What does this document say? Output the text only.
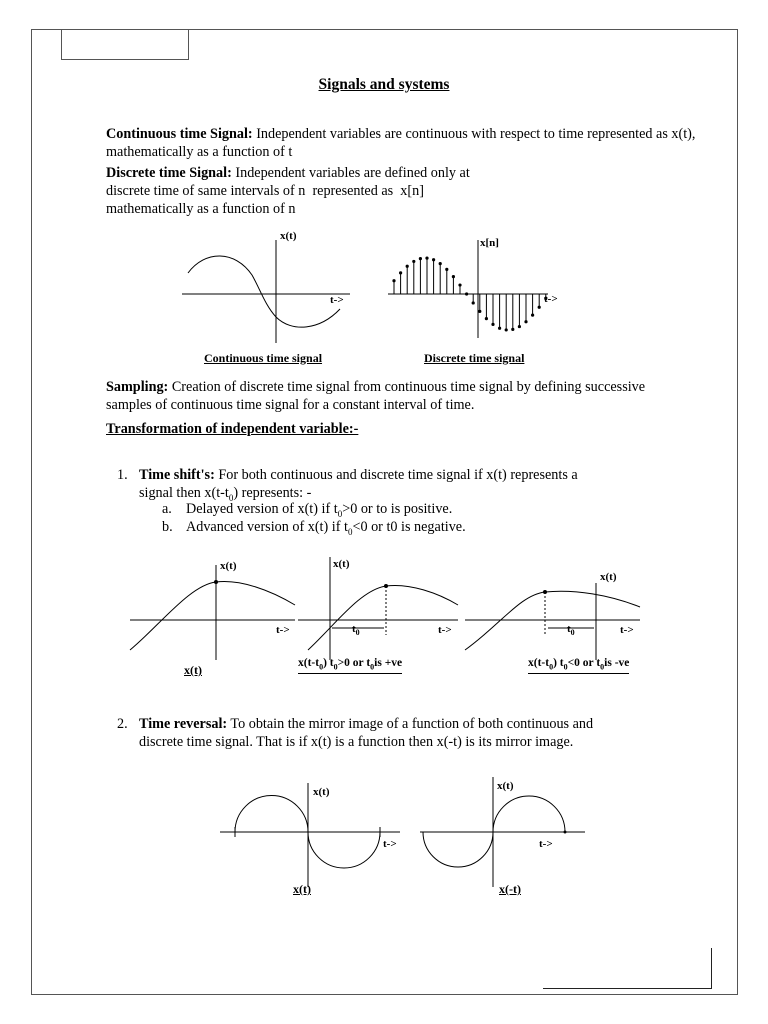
Signals and systems

Continuous time Signal: Independent variables are continuous with respect to time represented as x(t), mathematically as a function of t

Discrete time Signal: Independent variables are defined only at
discrete time of same intervals of n  represented as  x[n]
mathematically as a function of n

x(t)
t->
Continuous time signal
x[n]
t->
Discrete time signal

Sampling: Creation of discrete time signal from continuous time signal by defining successive samples of continuous time signal for a constant interval of time.

Transformation of independent variable:-
1. Time shift's: For both continuous and discrete time signal if x(t) represents a
signal then $x(t-t_0)$ represents: -
a. Delayed version of x(t) if $t_0>0$ or to is positive.
b. Advanced version of x(t) if $t_0<0$ or t0 is negative.
x(t)
t->
x(t)
t->
$t_0$
x(t)
t->
$t_0$
x(t)	$x(t-t_0)$ $t_0>0$ or $t_0is +ve$	$x(t-t_0)$ $t_0<0$ or $t_0is$ -ve
2. Time reversal: To obtain the mirror image of a function of both continuous and
discrete time signal. That is if x(t) is a function then x(-t) is its mirror image.
x(t)
t->
x(t)
t->
x(t)	x(-t)
